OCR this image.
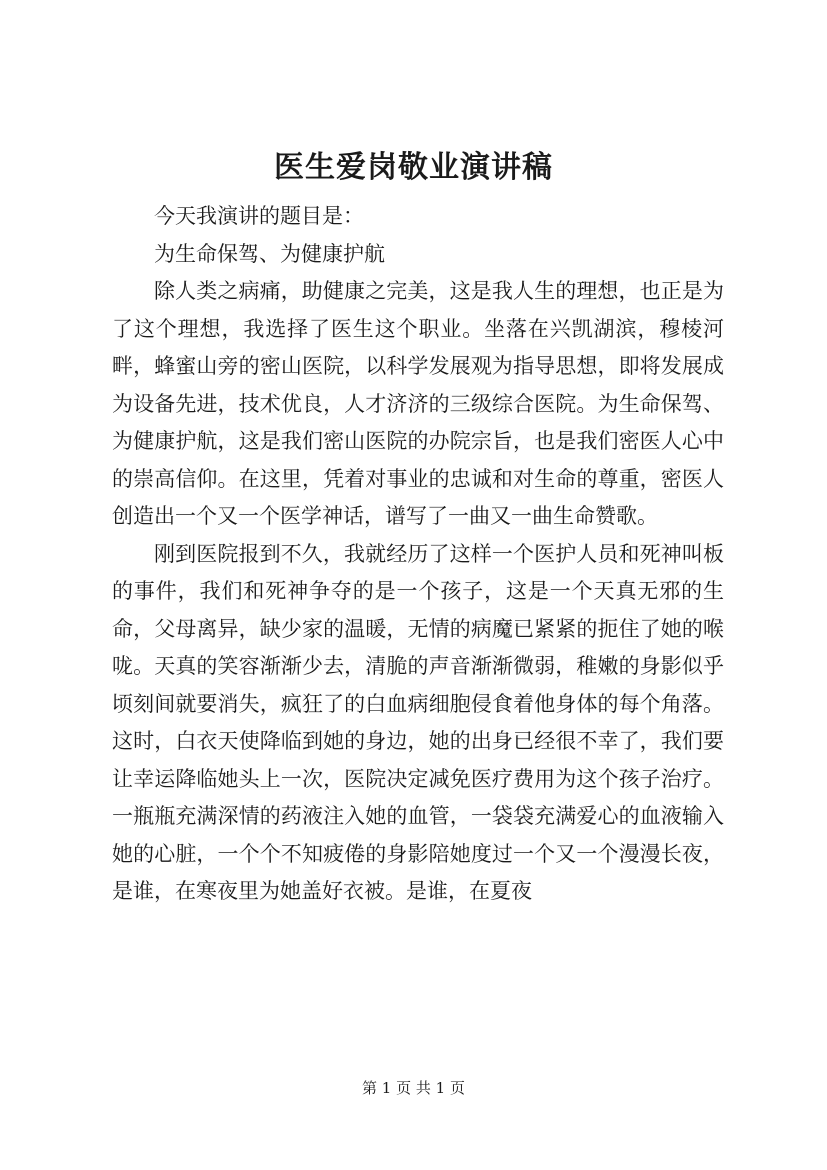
医生爱岗敬业演讲稿

今天我演讲的题目是：

为生命保驾、为健康护航

除人类之病痛，助健康之完美，这是我人生的理想，也正是为了这个理想，我选择了医生这个职业。坐落在兴凯湖滨，穆棱河畔，蜂蜜山旁的密山医院，以科学发展观为指导思想，即将发展成为设备先进，技术优良，人才济济的三级综合医院。为生命保驾、为健康护航，这是我们密山医院的办院宗旨，也是我们密医人心中的崇高信仰。在这里，凭着对事业的忠诚和对生命的尊重，密医人创造出一个又一个医学神话，谱写了一曲又一曲生命赞歌。

刚到医院报到不久，我就经历了这样一个医护人员和死神叫板的事件，我们和死神争夺的是一个孩子，这是一个天真无邪的生命，父母离异，缺少家的温暖，无情的病魔已紧紧的扼住了她的喉咙。天真的笑容渐渐少去，清脆的声音渐渐微弱，稚嫩的身影似乎顷刻间就要消失，疯狂了的白血病细胞侵食着他身体的每个角落。这时，白衣天使降临到她的身边，她的出身已经很不幸了，我们要让幸运降临她头上一次，医院决定减免医疗费用为这个孩子治疗。一瓶瓶充满深情的药液注入她的血管，一袋袋充满爱心的血液输入她的心脏，一个个不知疲倦的身影陪她度过一个又一个漫漫长夜，是谁，在寒夜里为她盖好衣被。是谁，在夏夜

第 1 页 共 1 页
